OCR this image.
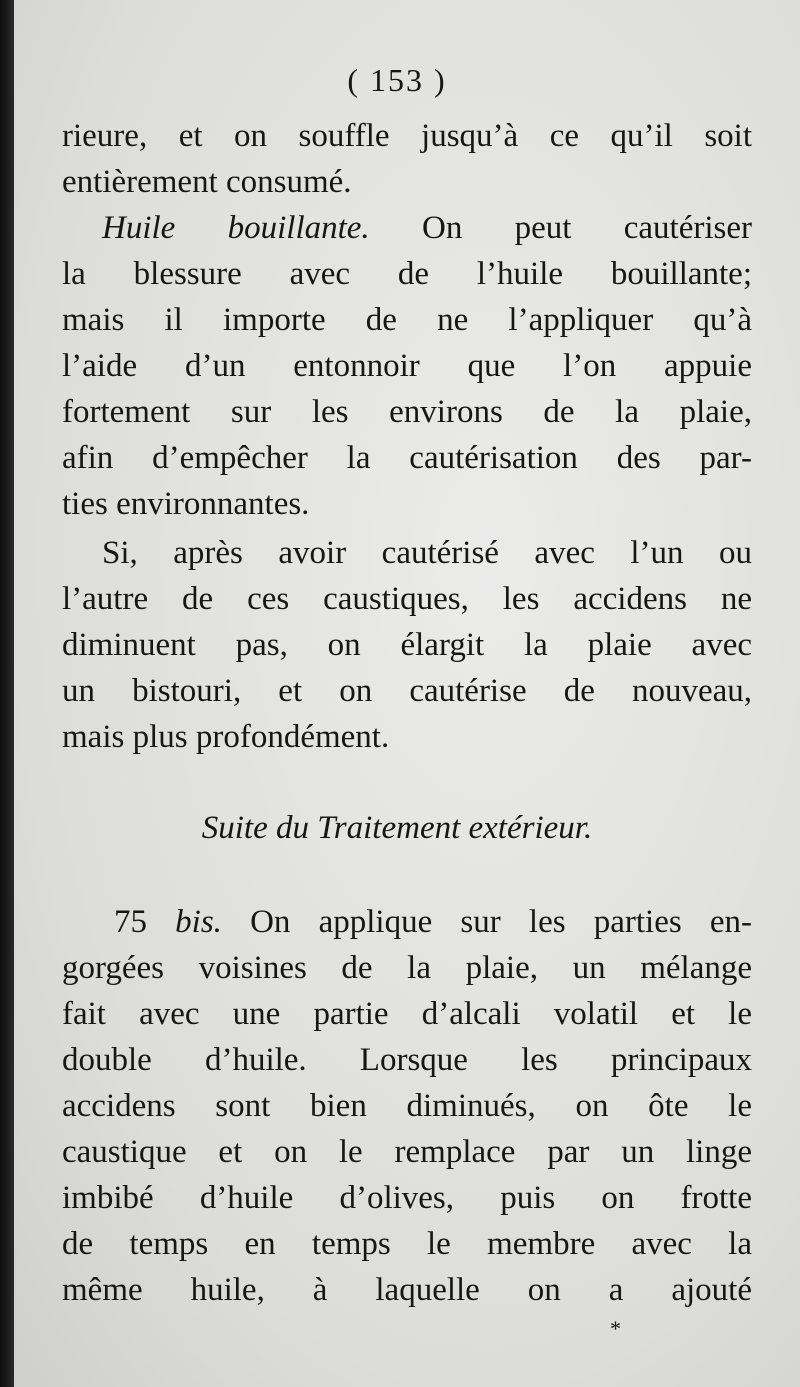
( 153 )
rieure, et on souffle jusqu’à ce qu’il soit
entièrement consumé.
Huile bouillante. On peut cautériser
la blessure avec de l’huile bouillante;
mais il importe de ne l’appliquer qu’à
l’aide d’un entonnoir que l’on appuie
fortement sur les environs de la plaie,
afin d’empêcher la cautérisation des par-
ties environnantes.
Si, après avoir cautérisé avec l’un ou
l’autre de ces caustiques, les accidens ne
diminuent pas, on élargit la plaie avec
un bistouri, et on cautérise de nouveau,
mais plus profondément.
Suite du Traitement extérieur.
75 bis. On applique sur les parties en-
gorgées voisines de la plaie, un mélange
fait avec une partie d’alcali volatil et le
double d’huile. Lorsque les principaux
accidens sont bien diminués, on ôte le
caustique et on le remplace par un linge
imbibé d’huile d’olives, puis on frotte
de temps en temps le membre avec la
même huile, à laquelle on a ajouté
*
